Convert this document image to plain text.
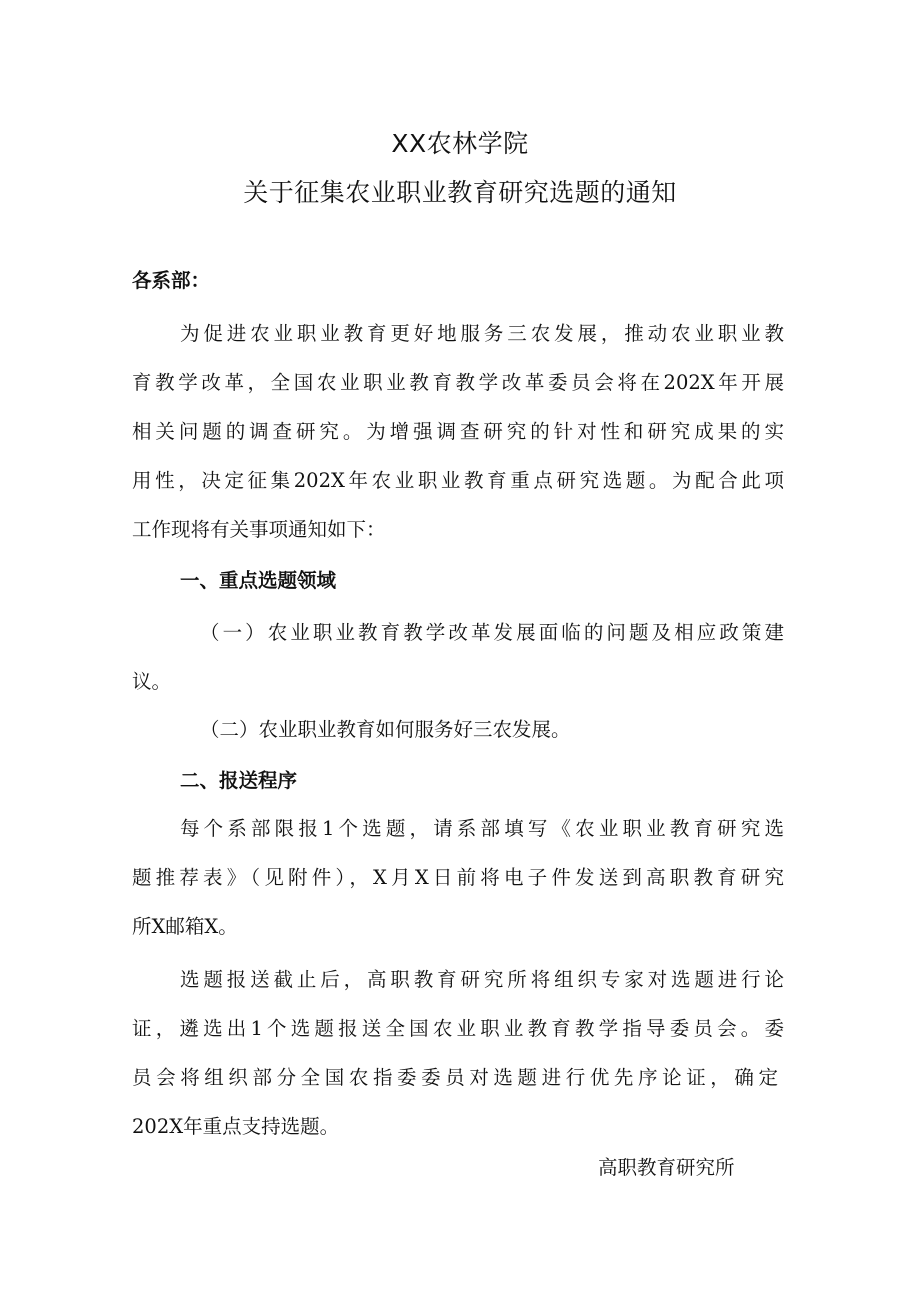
XX农林学院
关于征集农业职业教育研究选题的通知
各系部：
为促进农业职业教育更好地服务三农发展，推动农业职业教
育教学改革，全国农业职业教育教学改革委员会将在202X年开展
相关问题的调查研究。为增强调查研究的针对性和研究成果的实
用性，决定征集202X年农业职业教育重点研究选题。为配合此项
工作现将有关事项通知如下：
一、重点选题领域
（一）农业职业教育教学改革发展面临的问题及相应政策建
议。
（二）农业职业教育如何服务好三农发展。
二、报送程序
每个系部限报1个选题，请系部填写《农业职业教育研究选
题推荐表》（见附件），X月X日前将电子件发送到高职教育研究
所X邮箱X。
选题报送截止后，高职教育研究所将组织专家对选题进行论
证，遴选出1个选题报送全国农业职业教育教学指导委员会。委
员会将组织部分全国农指委委员对选题进行优先序论证，确定
202X年重点支持选题。
高职教育研究所
